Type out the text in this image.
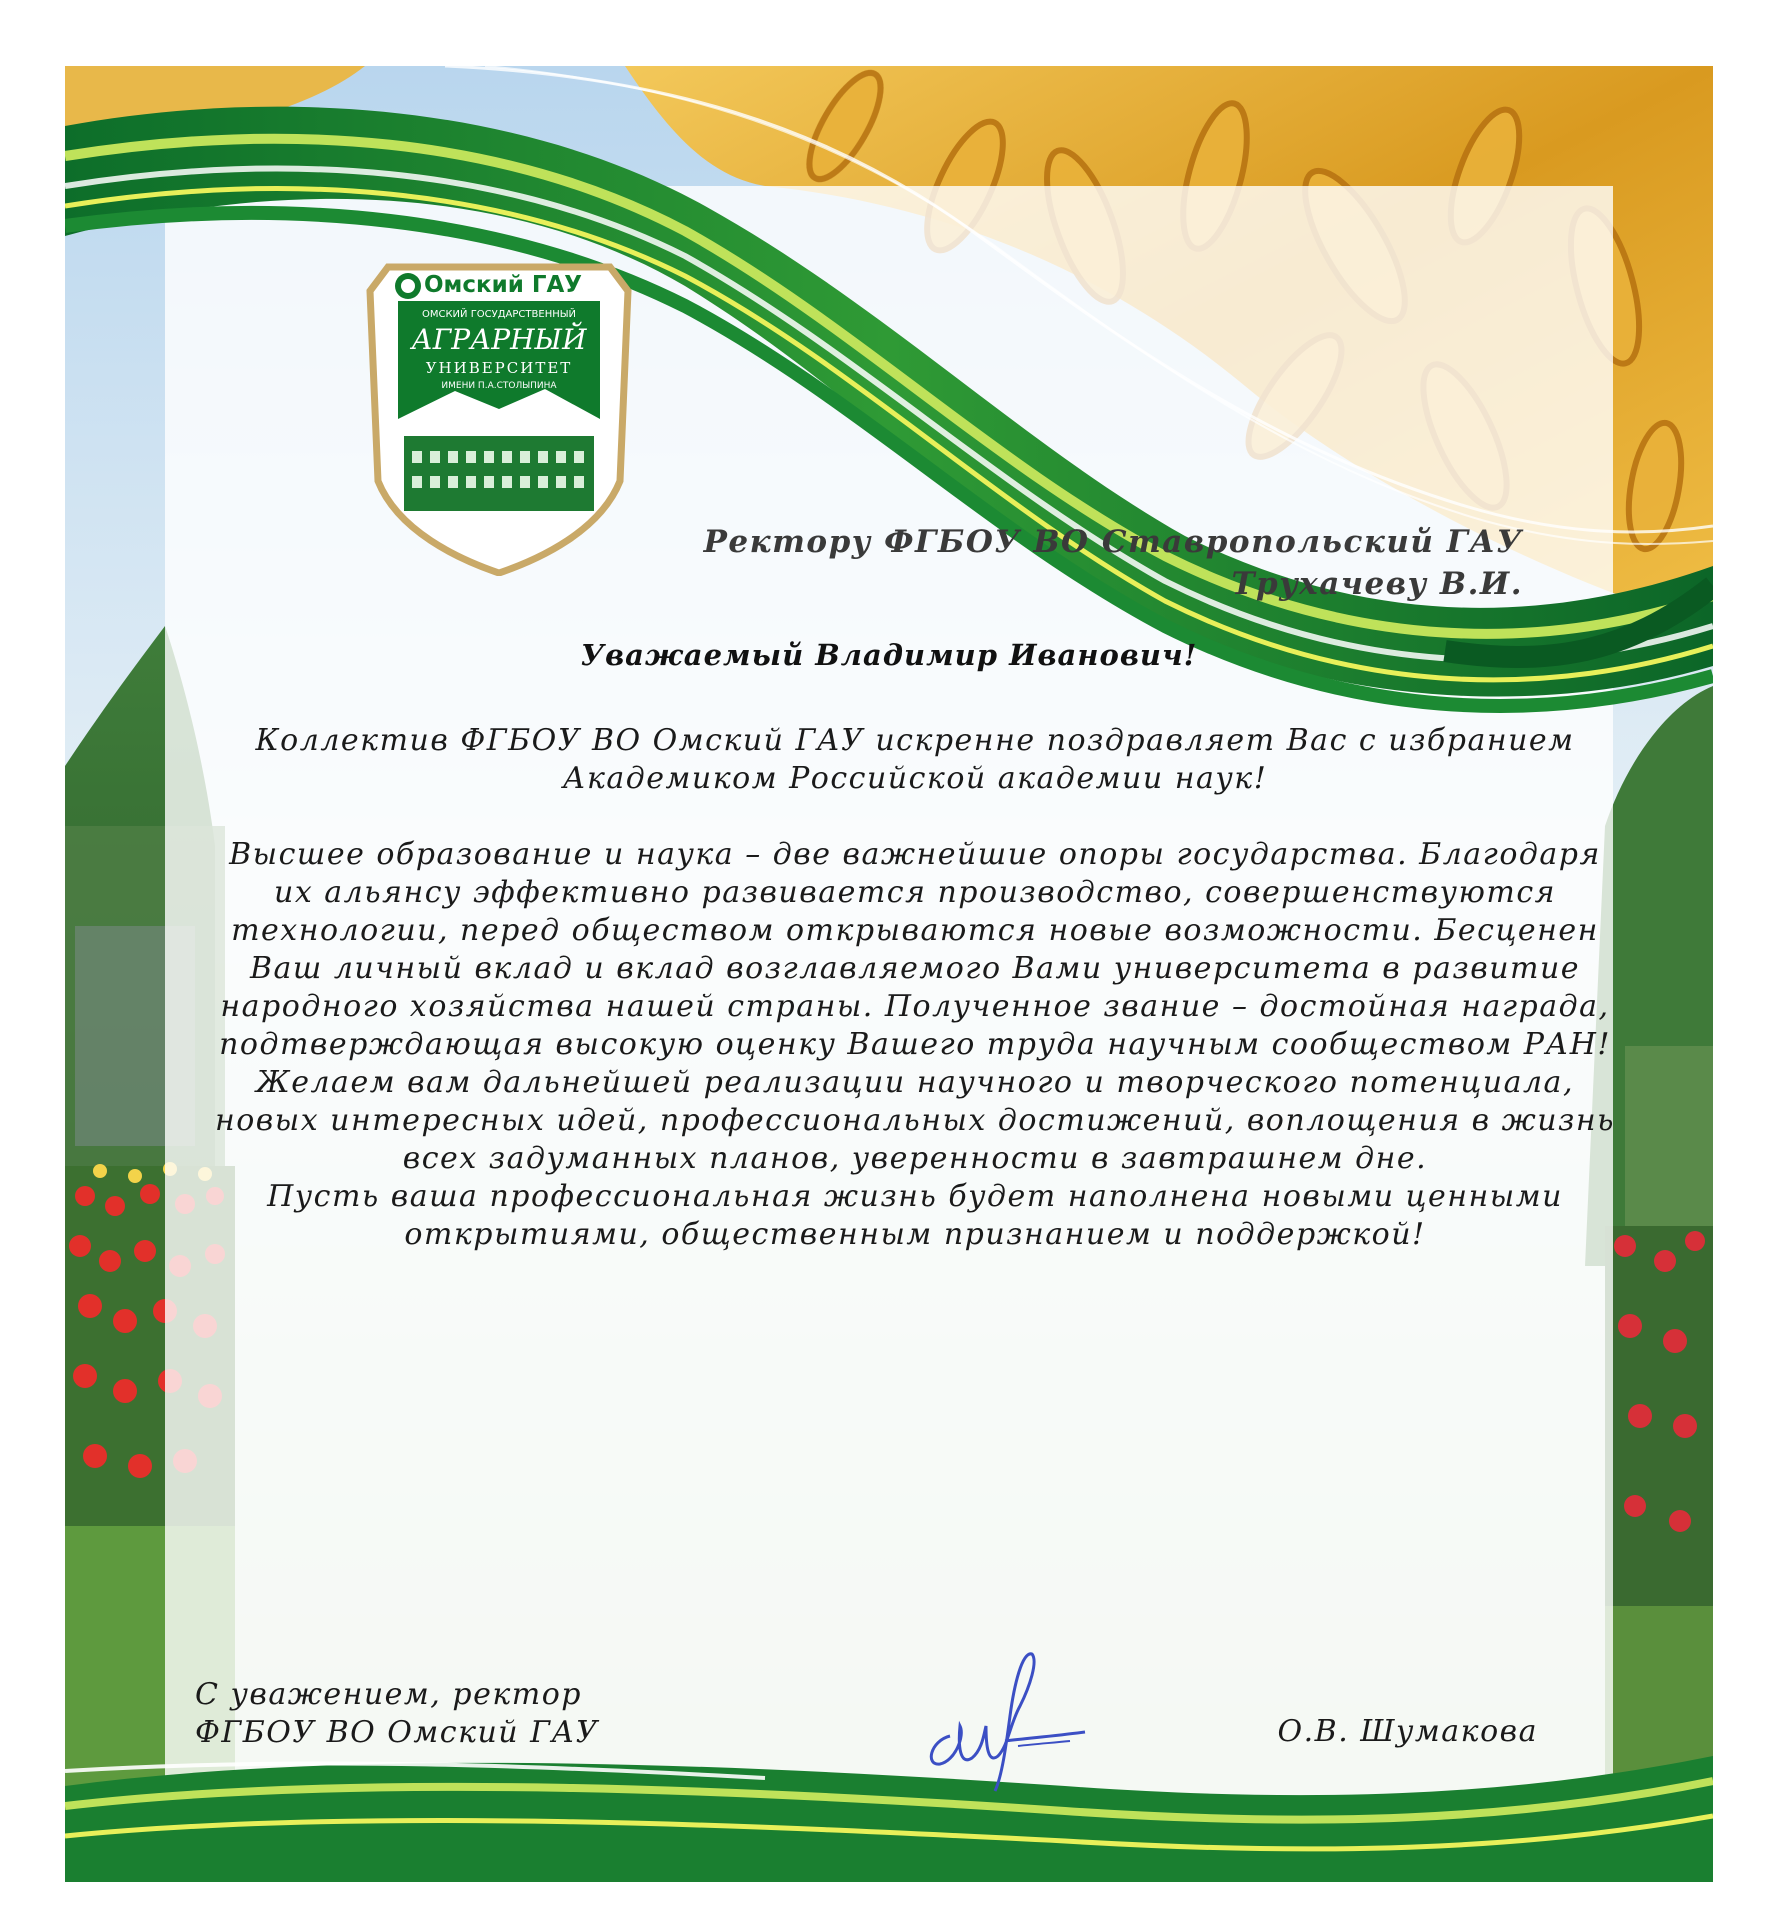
Омский ГАУ
ОМСКИЙ ГОСУДАРСТВЕННЫЙ
АГРАРНЫЙ
УНИВЕРСИТЕТ
ИМЕНИ П.А.СТОЛЫПИНА
Ректору ФГБОУ ВО Ставропольский ГАУ
Трухачеву В.И.
Уважаемый Владимир Иванович!

Коллектив ФГБОУ ВО Омский ГАУ искренне поздравляет Вас с избранием Академиком Российской академии наук!

Высшее образование и наука – две важнейшие опоры государства. Благодаря их альянсу эффективно развивается производство, совершенствуются технологии, перед обществом открываются новые возможности. Бесценен Ваш личный вклад и вклад возглавляемого Вами университета в развитие народного хозяйства нашей страны. Полученное звание – достойная награда, подтверждающая высокую оценку Вашего труда научным сообществом РАН!

Желаем вам дальнейшей реализации научного и творческого потенциала, новых интересных идей, профессиональных достижений, воплощения в жизнь всех задуманных планов, уверенности в завтрашнем дне.

Пусть ваша профессиональная жизнь будет наполнена новыми ценными открытиями, общественным признанием и поддержкой!

С уважением, ректор
ФГБОУ ВО Омский ГАУ	О.В. Шумакова
